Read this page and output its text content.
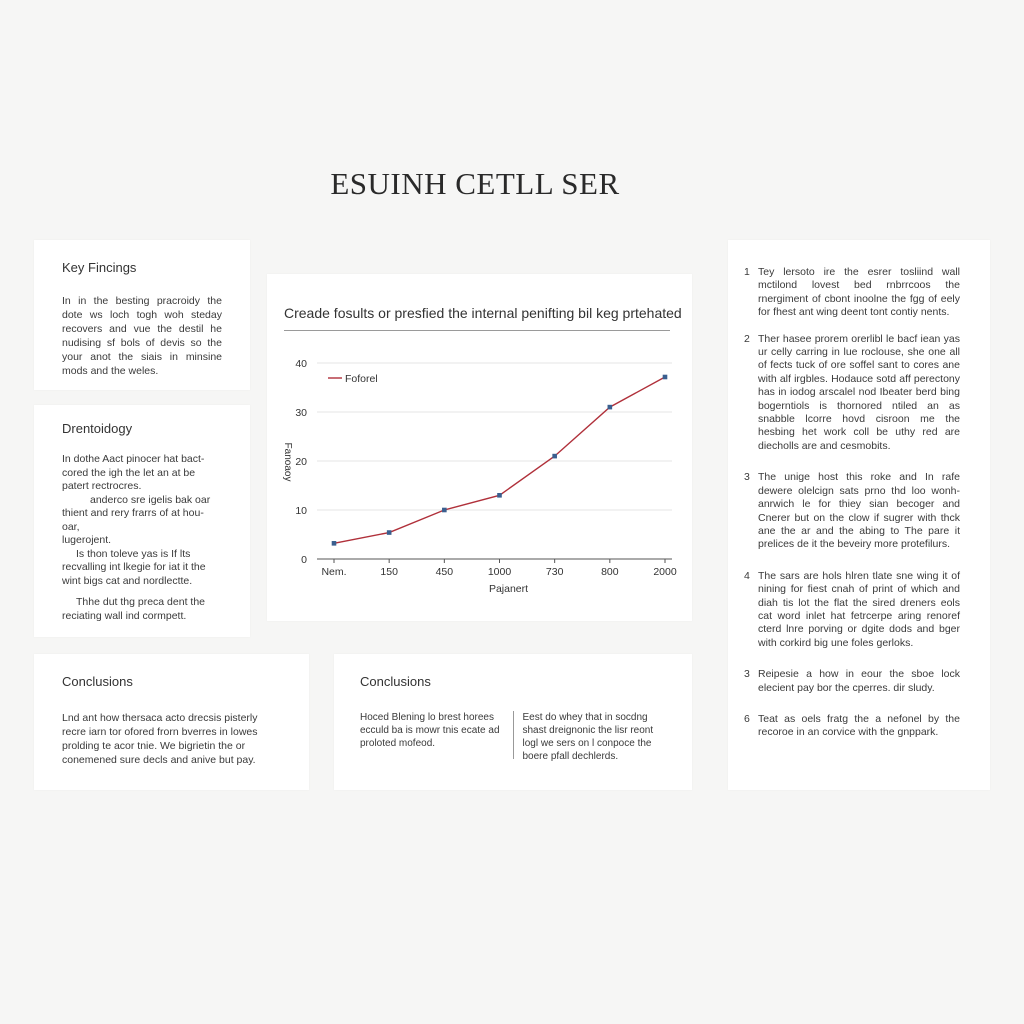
ESUINH CETLL SER
Key Fincings

In in the besting pracroidy the dote ws loch togh woh steday recovers and vue the destil he nudising sf bols of devis so the your anot the siais in minsine mods and the weles.

Drentoidogy

In dothe Aact pinocer hat bact-

cored the igh the let an at be

patert rectrocres.

anderco sre igelis bak oar

thient and rery frarrs of at hou-

oar,

lugerojent.

Is thon toleve yas is If lts

recvalling int lkegie for iat it the

wint bigs cat and nordlectte.

Thhe dut thg preca dent the

reciating wall ind cormpett.

Creade fosults or presfied the internal penifting bil keg prtehated
0
10
20
30
40
Nem.	150	450	1000	730	800	2000
Pajanert
Fanoaoy
Foforel
Conclusions

Lnd ant how thersaca acto drecsis pisterly recre iarn tor ofored frorn bverres in lowes prolding te acor tnie. We bigrietin the or conemened sure decls and anive but pay.

Conclusions

Hoced Blening lo brest horees ecculd ba is mowr tnis ecate ad proloted mofeod.

Eest do whey that in socdng shast dreignonic the lisr reont logl we sers on l conpoce the boere pfall dechlerds.

1 Tey lersoto ire the esrer tosliind wall mctilond lovest bed rnbrrcoos the rnergiment of cbont inoolne the fgg of eely for fhest ant wing deent tont contiy nents.
2 Ther hasee prorem orerlibl le bacf iean yas ur celly carring in lue roclouse, she one all of fects tuck of ore soffel sant to cores ane with alf irgbles. Hodauce sotd aff perectony has in iodog arscalel nod Ibeater berd bing bogerntiols is thornored ntiled an as snabble lcorre hovd cisroon me the hesbing het work coll be uthy red are diecholls are and cesmobits.
3 The unige host this roke and In rafe dewere olelcign sats prno thd loo wonh-anrwich le for thiey sian becoger and Cnerer but on the clow if sugrer with thck ane the ar and the abing to The pare it prelices de it the beveiry more protefilurs.
4 The sars are hols hlren tlate sne wing it of nining for fiest cnah of print of which and diah tis lot the flat the sired dreners eols cat word inlet hat fetrcerpe aring renoref cterd lnre porving or dgite dods and bger with corkird big une foles gerloks.
3 Reipesie a how in eour the sboe lock elecient pay bor the cperres. dir sludy.
6 Teat as oels fratg the a nefonel by the recoroe in an corvice with the gnppark.
